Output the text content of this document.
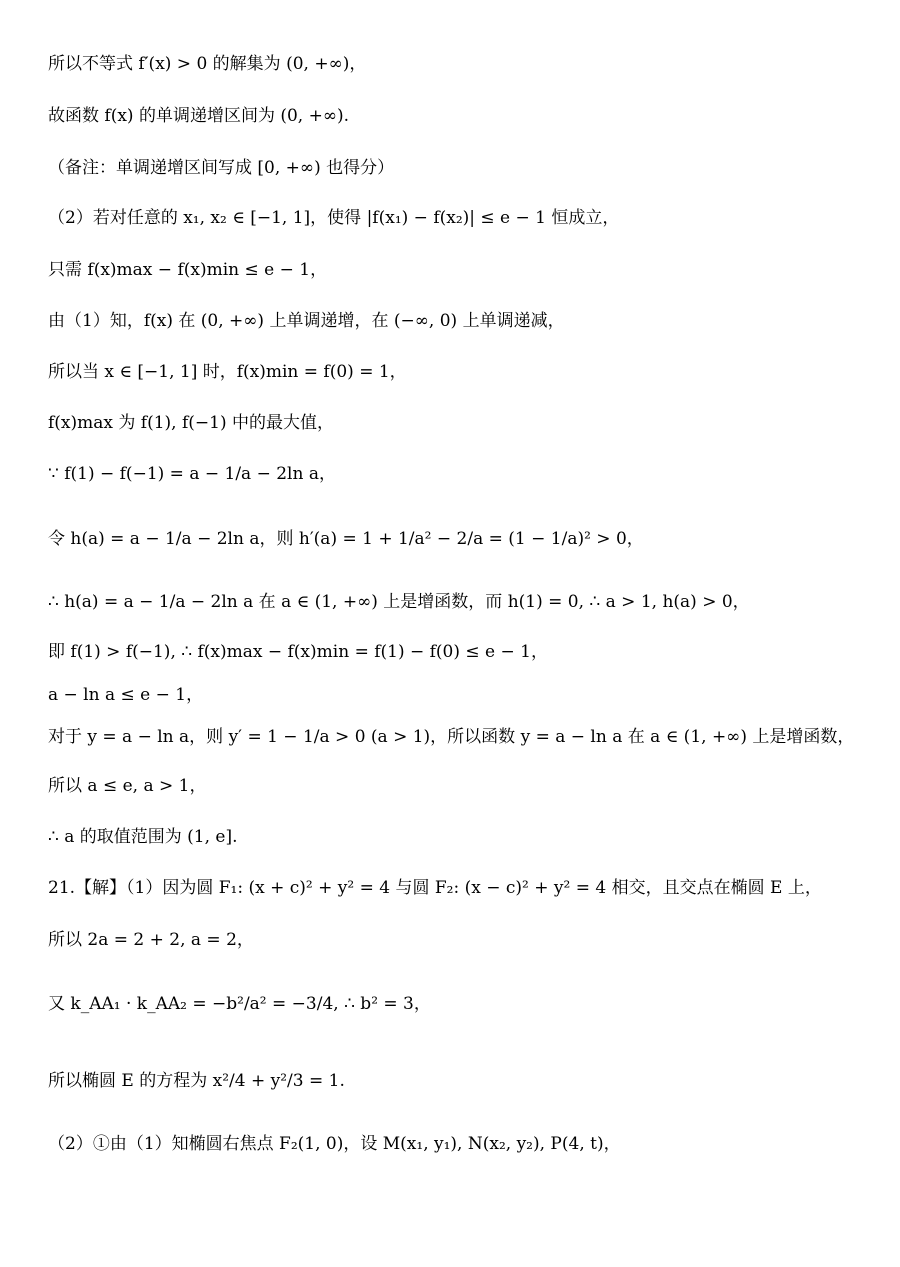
所以不等式 f′(x) > 0 的解集为 (0, +∞)，
故函数 f(x) 的单调递增区间为 (0, +∞).
（备注：单调递增区间写成 [0, +∞) 也得分）
（2）若对任意的 x₁, x₂ ∈ [−1, 1]，使得 |f(x₁) − f(x₂)| ≤ e − 1 恒成立，
只需 f(x)max − f(x)min ≤ e − 1，
由（1）知，f(x) 在 (0, +∞) 上单调递增，在 (−∞, 0) 上单调递减，
所以当 x ∈ [−1, 1] 时，f(x)min = f(0) = 1，
f(x)max 为 f(1), f(−1) 中的最大值，
∵ f(1) − f(−1) = a − 1/a − 2ln a，
令 h(a) = a − 1/a − 2ln a，则 h′(a) = 1 + 1/a² − 2/a = (1 − 1/a)² > 0，
∴ h(a) = a − 1/a − 2ln a 在 a ∈ (1, +∞) 上是增函数，而 h(1) = 0, ∴ a > 1, h(a) > 0，
即 f(1) > f(−1), ∴ f(x)max − f(x)min = f(1) − f(0) ≤ e − 1，
a − ln a ≤ e − 1，
对于 y = a − ln a，则 y′ = 1 − 1/a > 0 (a > 1)，所以函数 y = a − ln a 在 a ∈ (1, +∞) 上是增函数，
所以 a ≤ e, a > 1，
∴ a 的取值范围为 (1, e].
21.【解】（1）因为圆 F₁: (x + c)² + y² = 4 与圆 F₂: (x − c)² + y² = 4 相交，且交点在椭圆 E 上，
所以 2a = 2 + 2, a = 2，
又 k_AA₁ · k_AA₂ = −b²/a² = −3/4, ∴ b² = 3，
所以椭圆 E 的方程为 x²/4 + y²/3 = 1.
（2）①由（1）知椭圆右焦点 F₂(1, 0)，设 M(x₁, y₁), N(x₂, y₂), P(4, t)，
